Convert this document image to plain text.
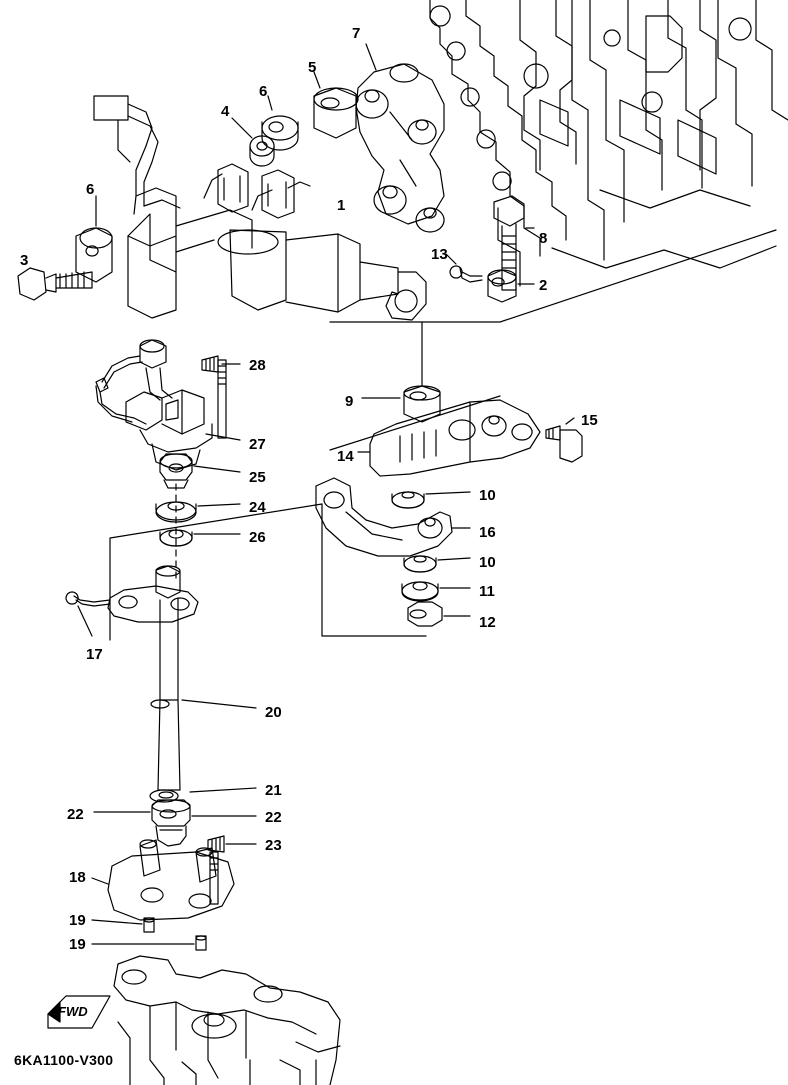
FWD
7
5
6
4
6
1
3
8
13
2
28
27
9
15
14
25
24
26
10
16
10
11
12
17
20
21
22	22
23
18
19
19
6KA1100-V300
